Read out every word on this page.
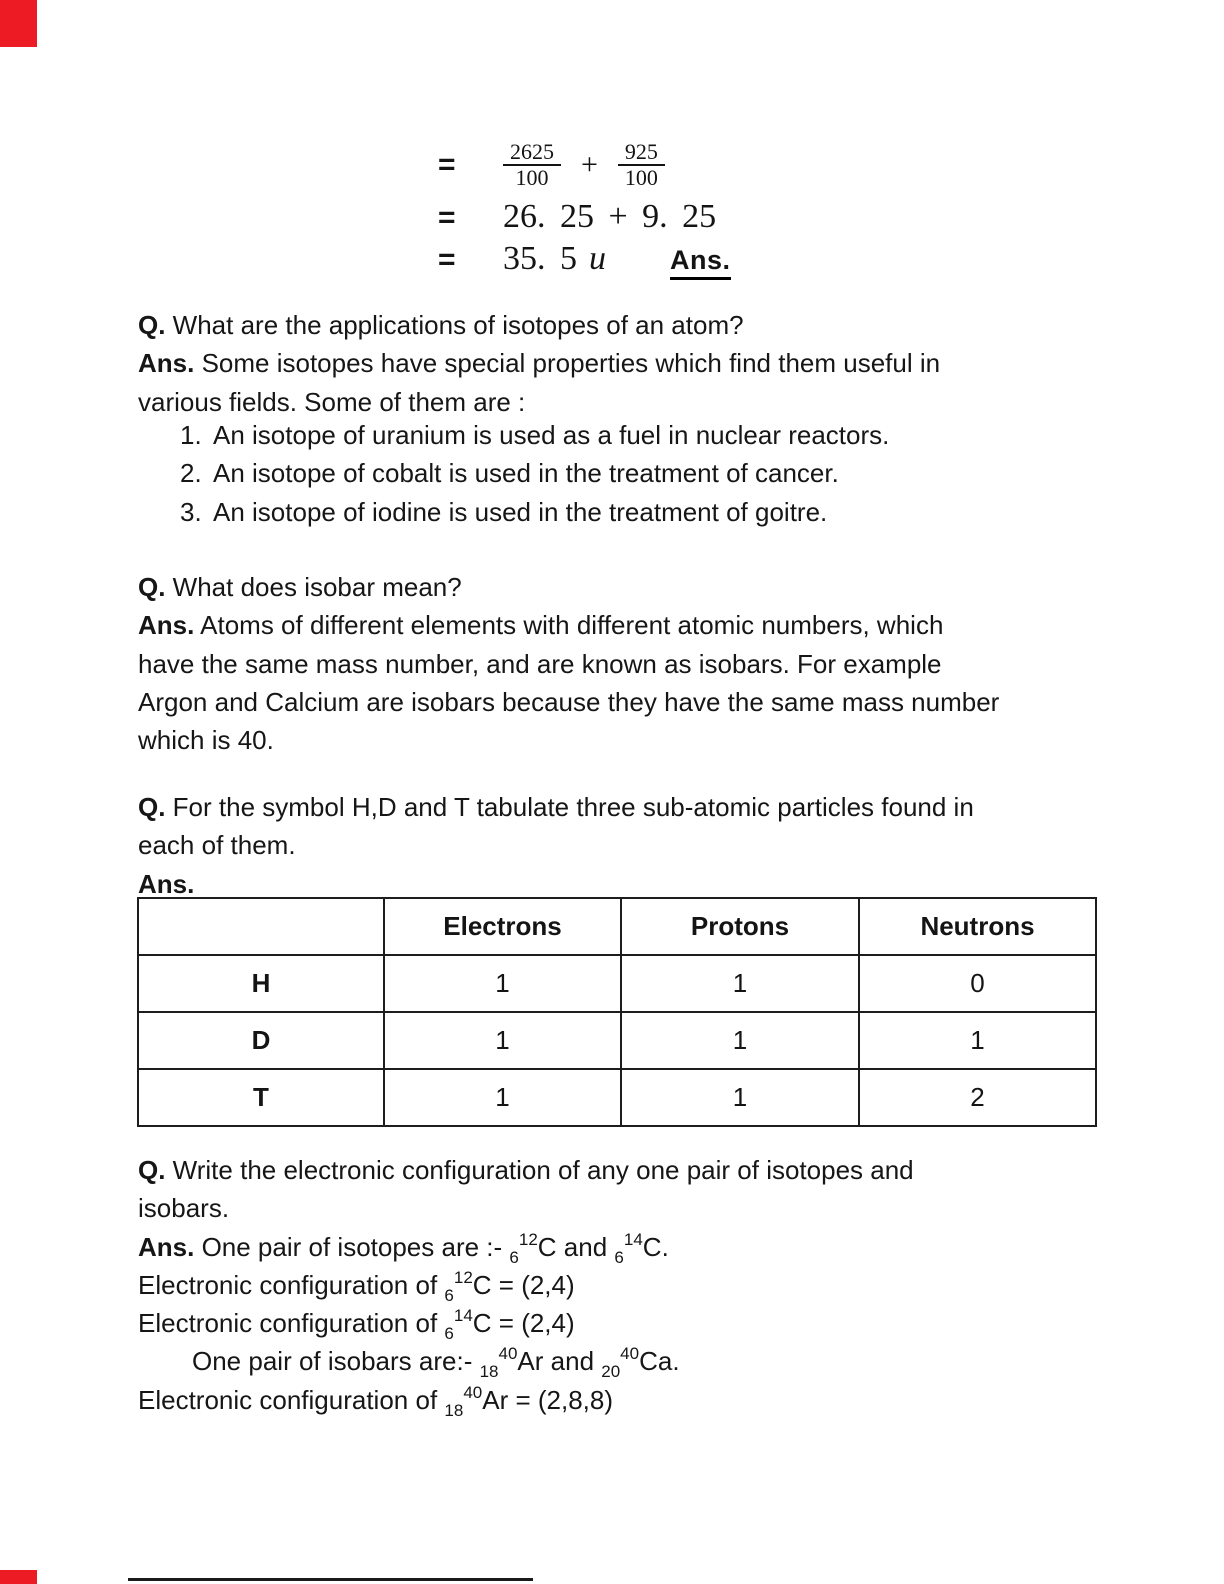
=	$\frac{2625}{100} + \frac{925}{100}$
=	26. 25 + 9. 25
=	35. 5 u Ans.
Q. What are the applications of isotopes of an atom?
Ans. Some isotopes have special properties which find them useful in
various fields. Some of them are :
1. An isotope of uranium is used as a fuel in nuclear reactors.
2. An isotope of cobalt is used in the treatment of cancer.
3. An isotope of iodine is used in the treatment of goitre.
Q. What does isobar mean?
Ans. Atoms of different elements with different atomic numbers, which
have the same mass number, and are known as isobars. For example
Argon and Calcium are isobars because they have the same mass number
which is 40.
Q. For the symbol H,D and T tabulate three sub-atomic particles found in
each of them.
Ans.
	Electrons	Protons	Neutrons
H	1	1	0
D	1	1	1
T	1	1	2
Q. Write the electronic configuration of any one pair of isotopes and
isobars.
Ans. One pair of isotopes are :- $_6^{12}$C and $_6^{14}$C.
Electronic configuration of $_6^{12}$C = (2,4)
Electronic configuration of $_6^{14}$C = (2,4)
One pair of isobars are:- $_{18}^{40}$Ar and $_{20}^{40}$Ca.
Electronic configuration of $_{18}^{40}$Ar = (2,8,8)
